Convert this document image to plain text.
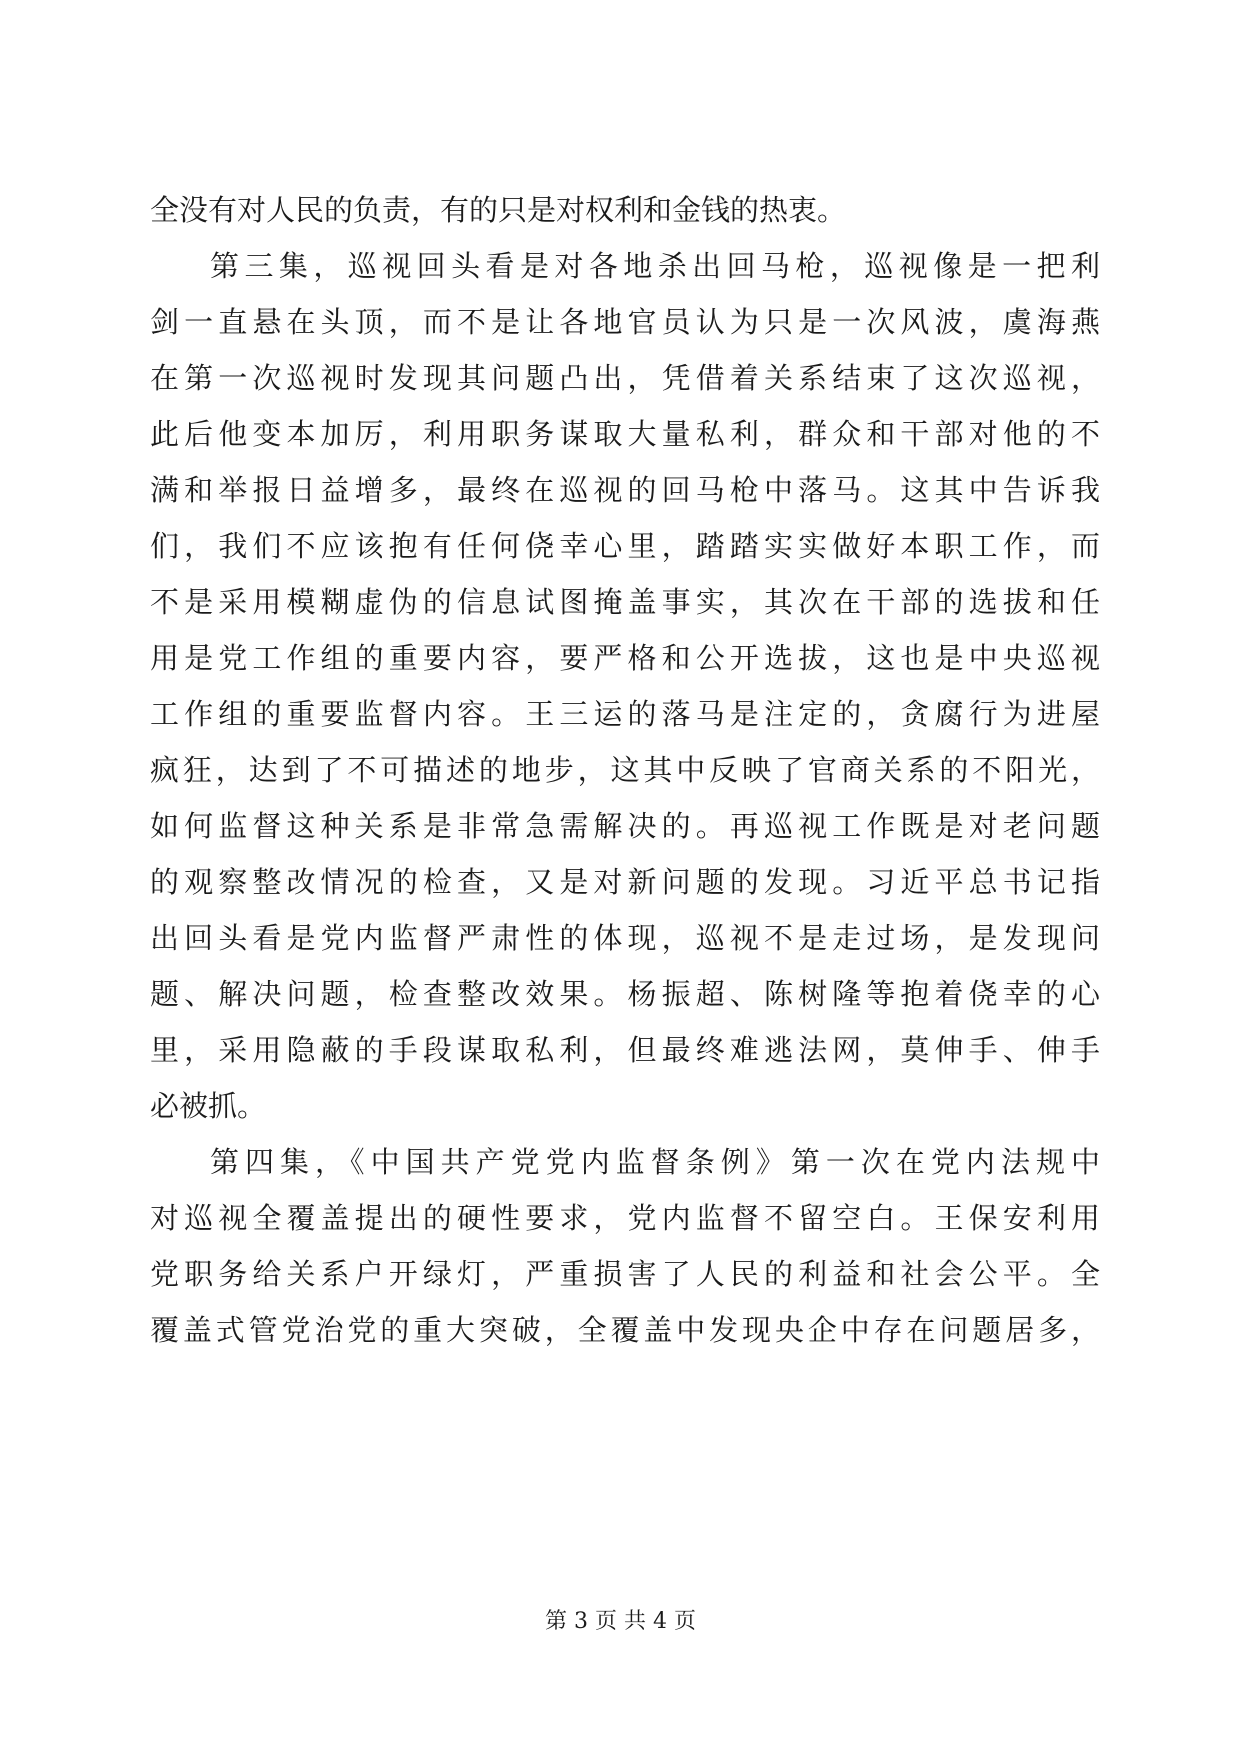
全没有对人民的负责，有的只是对权利和金钱的热衷。
第三集，巡视回头看是对各地杀出回马枪，巡视像是一把利
剑一直悬在头顶，而不是让各地官员认为只是一次风波，虞海燕
在第一次巡视时发现其问题凸出，凭借着关系结束了这次巡视，
此后他变本加厉，利用职务谋取大量私利，群众和干部对他的不
满和举报日益增多，最终在巡视的回马枪中落马。这其中告诉我
们，我们不应该抱有任何侥幸心里，踏踏实实做好本职工作，而
不是采用模糊虚伪的信息试图掩盖事实，其次在干部的选拔和任
用是党工作组的重要内容，要严格和公开选拔，这也是中央巡视
工作组的重要监督内容。王三运的落马是注定的，贪腐行为进屋
疯狂，达到了不可描述的地步，这其中反映了官商关系的不阳光，
如何监督这种关系是非常急需解决的。再巡视工作既是对老问题
的观察整改情况的检查，又是对新问题的发现。习近平总书记指
出回头看是党内监督严肃性的体现，巡视不是走过场，是发现问
题、解决问题，检查整改效果。杨振超、陈树隆等抱着侥幸的心
里，采用隐蔽的手段谋取私利，但最终难逃法网，莫伸手、伸手
必被抓。
第四集，《中国共产党党内监督条例》第一次在党内法规中
对巡视全覆盖提出的硬性要求，党内监督不留空白。王保安利用
党职务给关系户开绿灯，严重损害了人民的利益和社会公平。全
覆盖式管党治党的重大突破，全覆盖中发现央企中存在问题居多，
第 3 页 共 4 页
